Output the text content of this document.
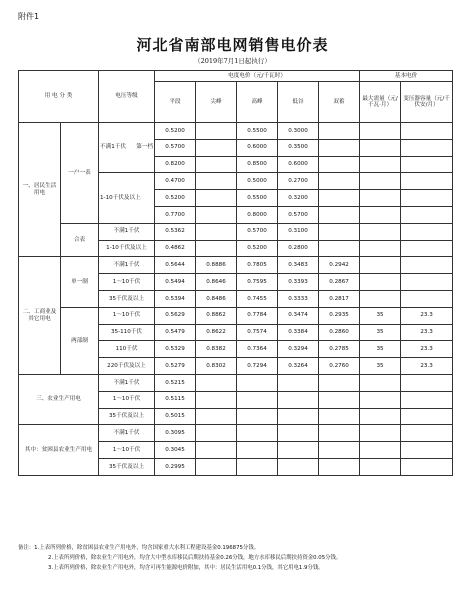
附件1
河北省南部电网销售电价表
（2019年7月1日起执行）
用 电 分 类		电压等级	电度电价（元/千瓦时）					基本电价	
			平段	尖峰	高峰	低谷	双蓄	最大需量（元/千瓦·月）	变压器容量（元/千伏安/月）
一、居民生活用电	一户一表	不满1千伏 第一档	0.5200		0.5500	0.3000			
			0.5700		0.6000	0.3500			
			0.8200		0.8500	0.6000			
		1-10千伏及以上	0.4700		0.5000	0.2700			
			0.5200		0.5500	0.3200			
			0.7700		0.8000	0.5700			
	合表	不满1千伏	0.5362		0.5700	0.3100			
		1-10千伏及以上	0.4862		0.5200	0.2800			
二、工商业及其它用电	单一制	不满1千伏	0.5644	0.8886	0.7805	0.3483	0.2942		
		1～10千伏	0.5494	0.8646	0.7595	0.3393	0.2867		
		35千伏及以上	0.5394	0.8486	0.7455	0.3333	0.2817		
	两部制	1～10千伏	0.5629	0.8862	0.7784	0.3474	0.2935	35	23.3
		35-110千伏	0.5479	0.8622	0.7574	0.3384	0.2860	35	23.3
		110千伏	0.5329	0.8382	0.7364	0.3294	0.2785	35	23.3
		220千伏及以上	0.5279	0.8302	0.7294	0.3264	0.2760	35	23.3
三、农业生产用电		不满1千伏	0.5215						
		1～10千伏	0.5115						
		35千伏及以上	0.5015						
其中：贫困县农业生产用电		不满1千伏	0.3095						
		1～10千伏	0.3045						
		35千伏及以上	0.2995						
备注：1.上表所列价格，除贫困县农业生产用电外，均含国家重大水利工程建设基金0.196875分钱。
2.上表所列价格，除农业生产用电外，均含大中型水库移民后期扶持基金0.26分钱，地方水库移民后期扶持资金0.05分钱。
3.上表所列价格，除农业生产用电外，均含可再生能源电价附加，其中：居民生活用电0.1分钱，其它用电1.9分钱。
